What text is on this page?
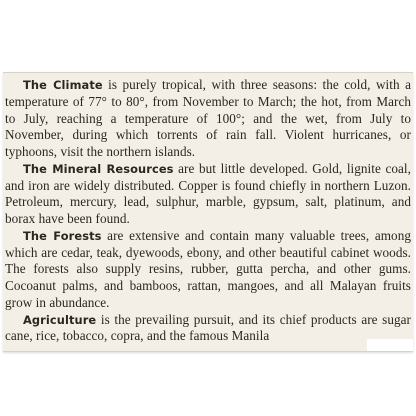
The Climate is purely tropical, with three seasons: the cold, with a temperature of 77° to 80°, from November to March; the hot, from March to July, reaching a temperature of 100°; and the wet, from July to November, during which torrents of rain fall. Violent hurricanes, or typhoons, visit the northern islands.

The Mineral Resources are but little developed. Gold, lignite coal, and iron are widely distributed. Copper is found chiefly in northern Luzon. Petroleum, mercury, lead, sulphur, marble, gypsum, salt, platinum, and borax have been found.

The Forests are extensive and contain many valuable trees, among which are cedar, teak, dyewoods, ebony, and other beautiful cabinet woods. The forests also supply resins, rubber, gutta percha, and other gums. Cocoanut palms, and bamboos, rattan, mangoes, and all Malayan fruits grow in abundance.

Agriculture is the prevailing pursuit, and its chief products are sugar cane, rice, tobacco, copra, and the famous Manila
